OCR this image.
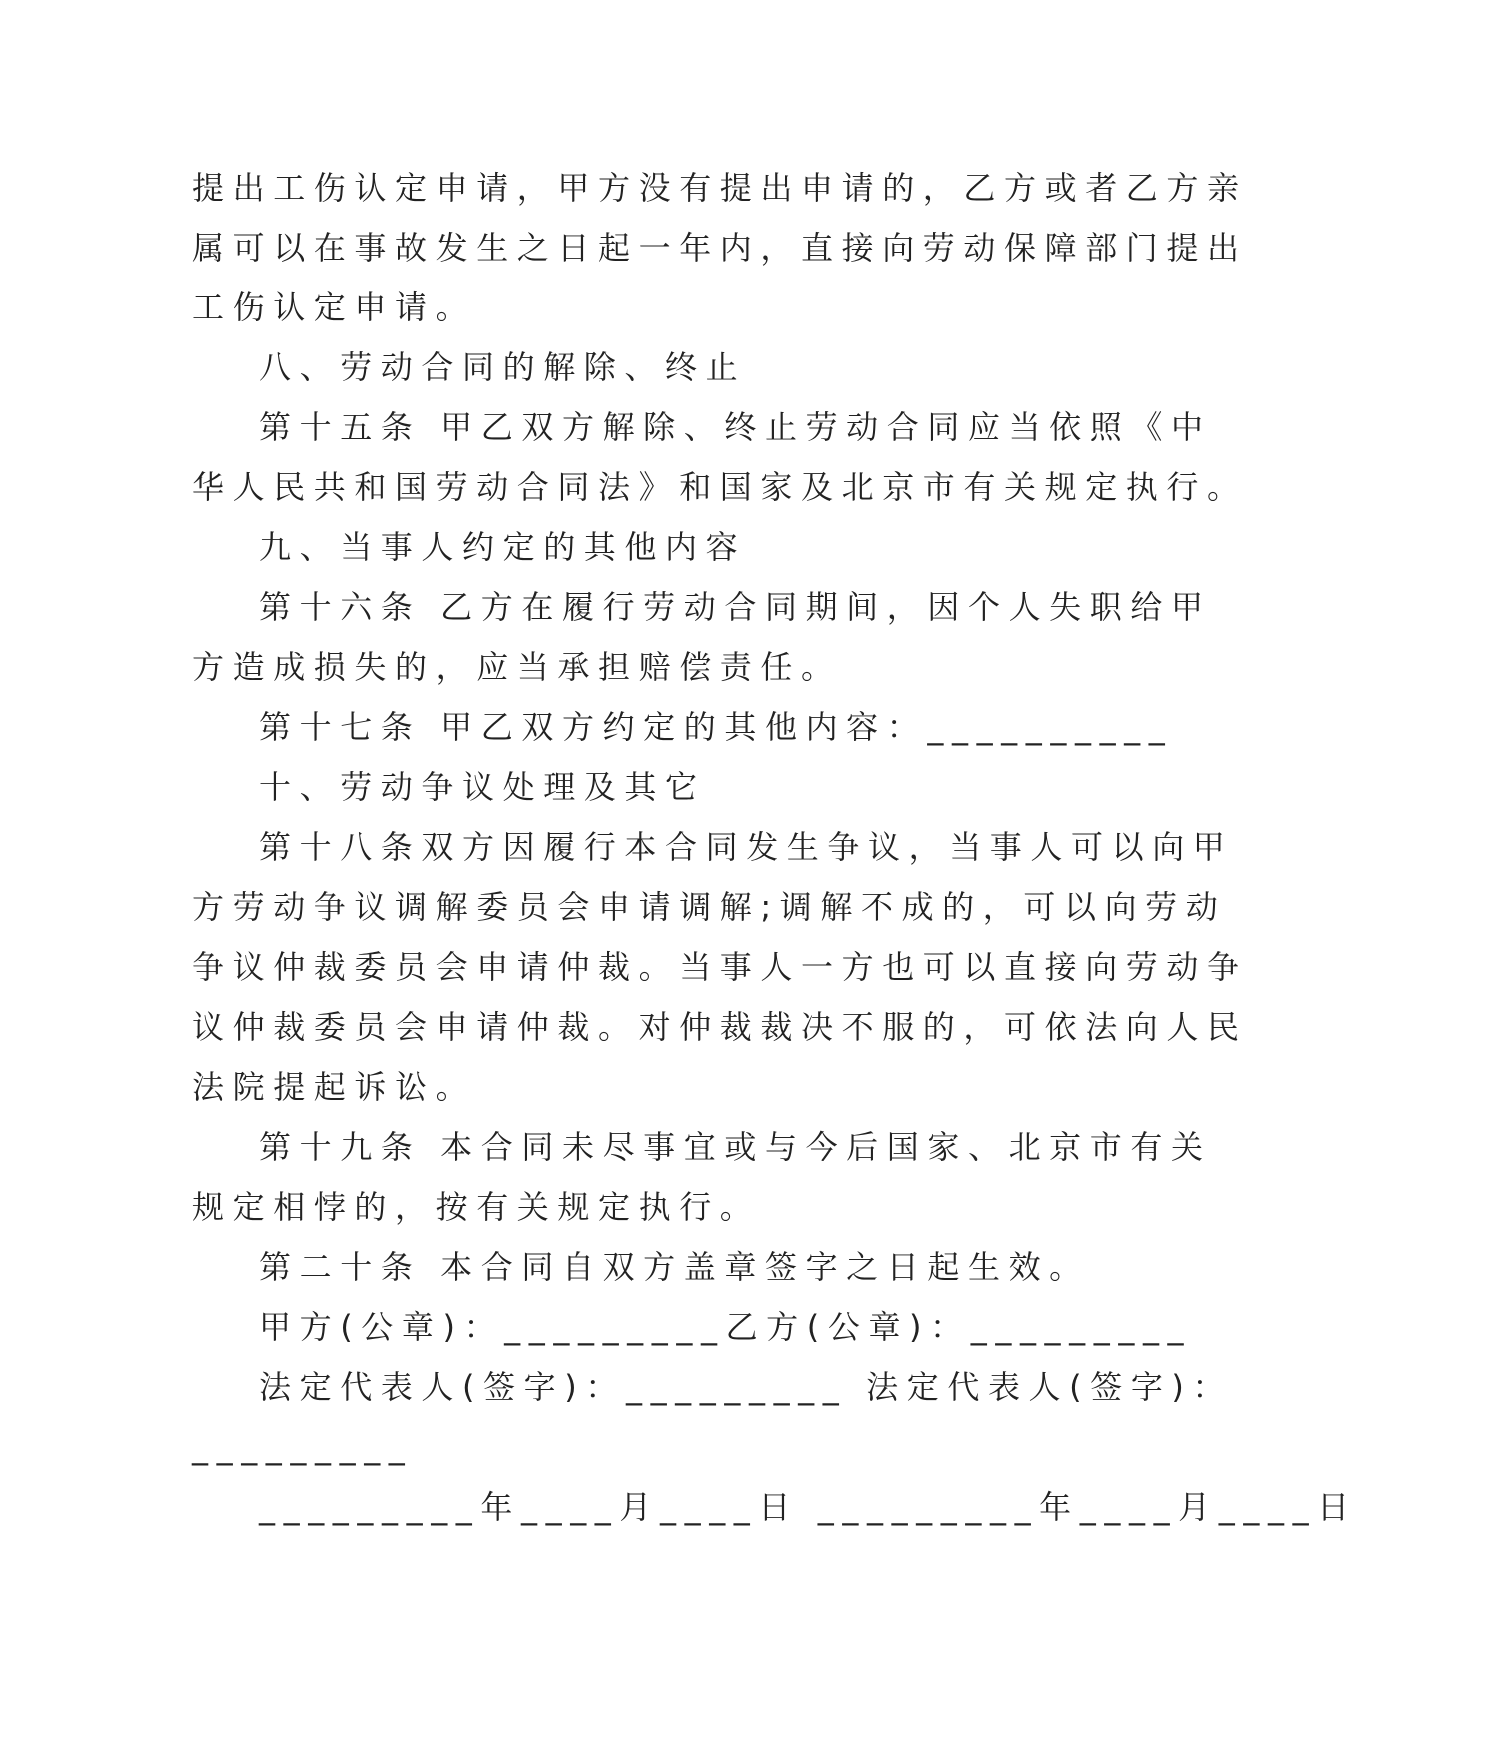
提出工伤认定申请，甲方没有提出申请的，乙方或者乙方亲
属可以在事故发生之日起一年内，直接向劳动保障部门提出
工伤认定申请。
八、劳动合同的解除、终止
第十五条 甲乙双方解除、终止劳动合同应当依照《中
华人民共和国劳动合同法》和国家及北京市有关规定执行。
九、当事人约定的其他内容
第十六条 乙方在履行劳动合同期间，因个人失职给甲
方造成损失的，应当承担赔偿责任。
第十七条 甲乙双方约定的其他内容：__________
十、劳动争议处理及其它
第十八条双方因履行本合同发生争议，当事人可以向甲
方劳动争议调解委员会申请调解;调解不成的，可以向劳动
争议仲裁委员会申请仲裁。当事人一方也可以直接向劳动争
议仲裁委员会申请仲裁。对仲裁裁决不服的，可依法向人民
法院提起诉讼。
第十九条 本合同未尽事宜或与今后国家、北京市有关
规定相悖的，按有关规定执行。
第二十条 本合同自双方盖章签字之日起生效。
甲方(公章)：_________乙方(公章)：_________
法定代表人(签字)：_________ 法定代表人(签字)：
_________
_________年____月____日 _________年____月____日
